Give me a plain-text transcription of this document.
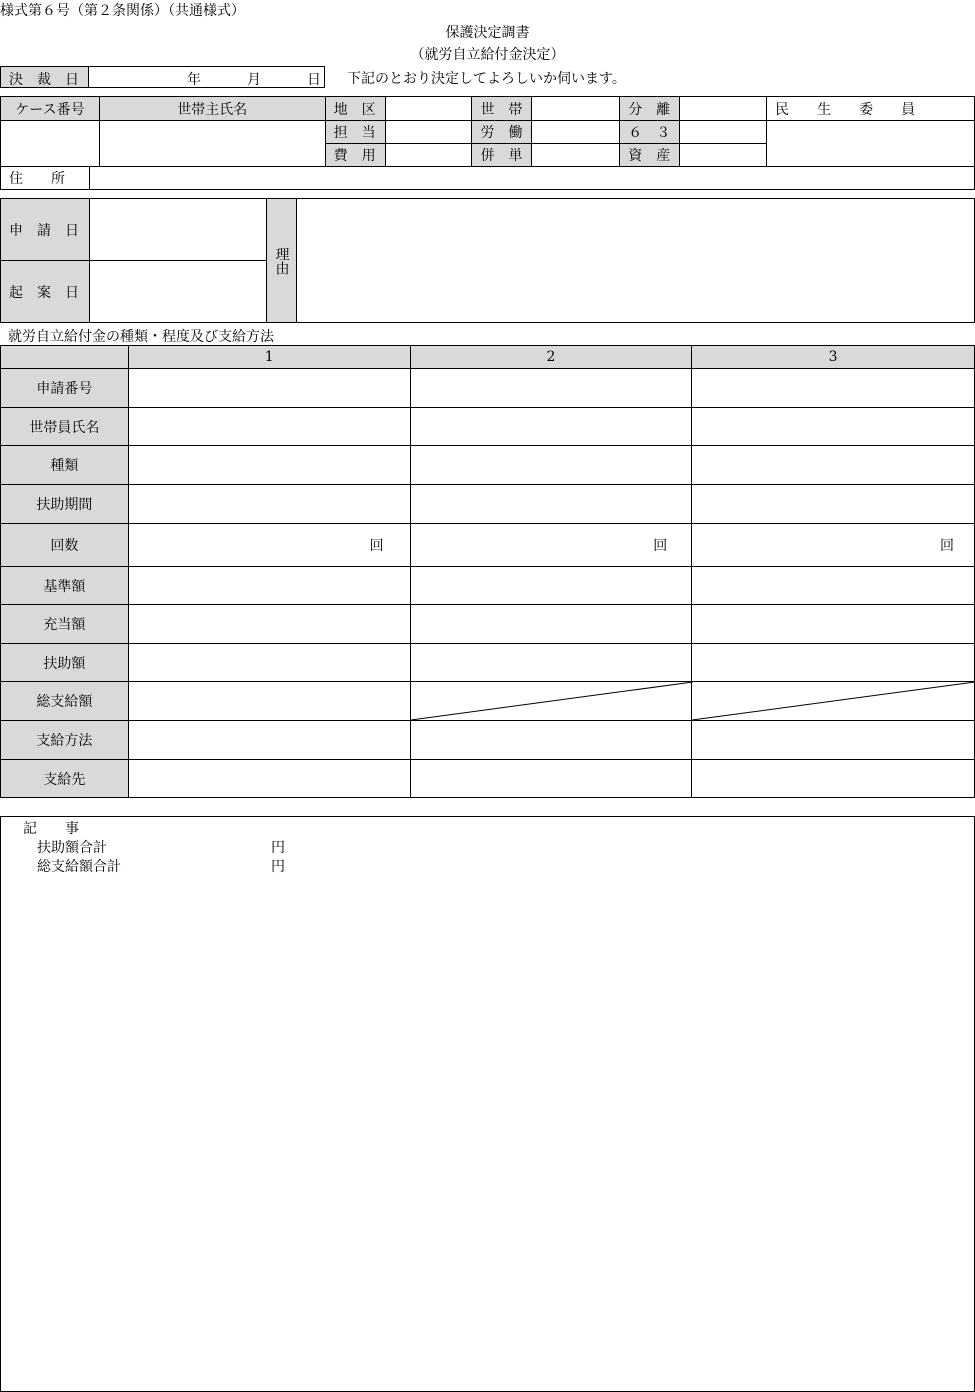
様式第６号（第２条関係）（共通様式）
保護決定調書
（就労自立給付金決定）
決　裁　日	年	月	日 下記のとおり決定してよろしいか伺います。
ケース番号	世帯主氏名	地　区		世　帯		分　離		民　　生　　委　　員
		担　当		労　働		６　３		
		費　用		併　単		資　産		
住　　所	
申　請　日		理由	
起　案　日			
就労自立給付金の種類・程度及び支給方法
	1	2	3
申請番号			
世帯員氏名			
種類			
扶助期間			
回数	回	回	回
基準額			
充当額			
扶助額			
総支給額		

支給方法			
支給先			
記　　事
扶助額合計	円
総支給額合計	円
